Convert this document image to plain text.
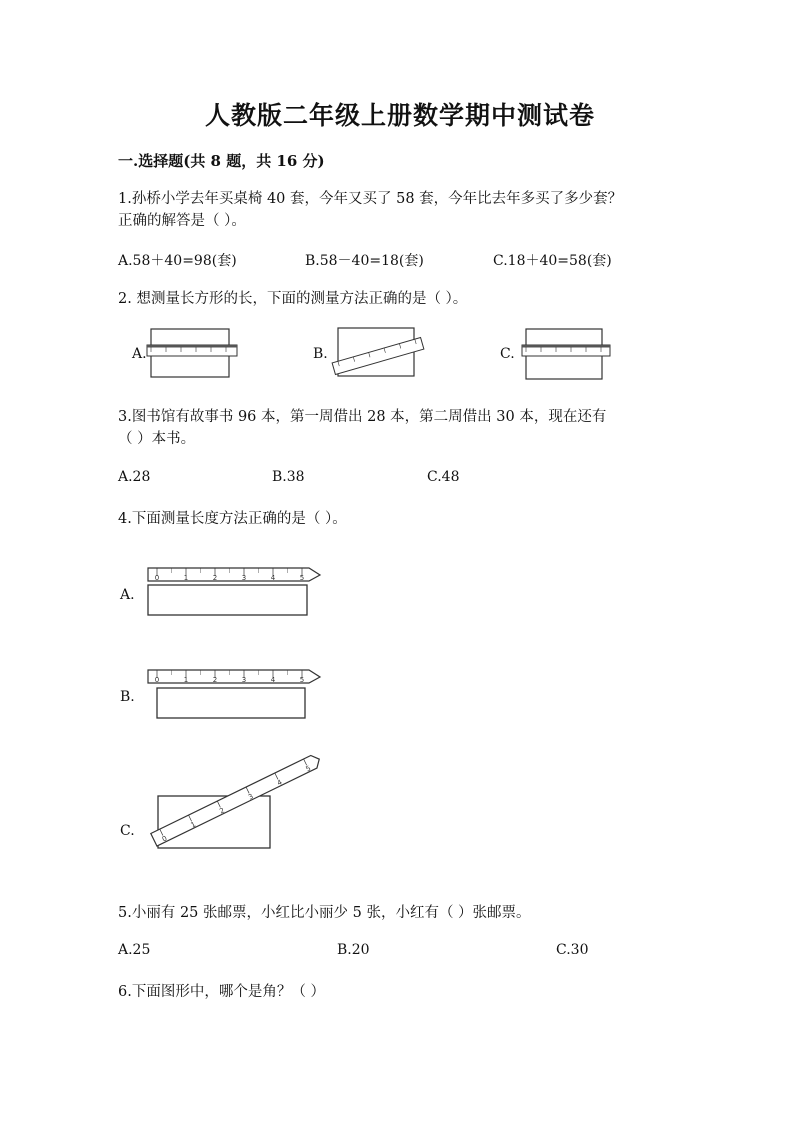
人教版二年级上册数学期中测试卷
一.选择题(共 8 题，共 16 分)
1.孙桥小学去年买桌椅 40 套，今年又买了 58 套，今年比去年多买了多少套？
正确的解答是（ ）。
A.58＋40=98(套)	B.58－40=18(套)	C.18＋40=58(套)
2. 想测量长方形的长，下面的测量方法正确的是（ ）。
A.	B.	C.
3.图书馆有故事书 96 本，第一周借出 28 本，第二周借出 30 本，现在还有
（ ）本书。
A.28	B.38	C.48
4.下面测量长度方法正确的是（ ）。
A.
B.
C.
0	1	2	3	4	5
0	1	2	3	4	5
0
1
2
3
4
5
5.小丽有 25 张邮票，小红比小丽少 5 张，小红有（ ）张邮票。
A.25	B.20	C.30
6.下面图形中，哪个是角？（ ）
